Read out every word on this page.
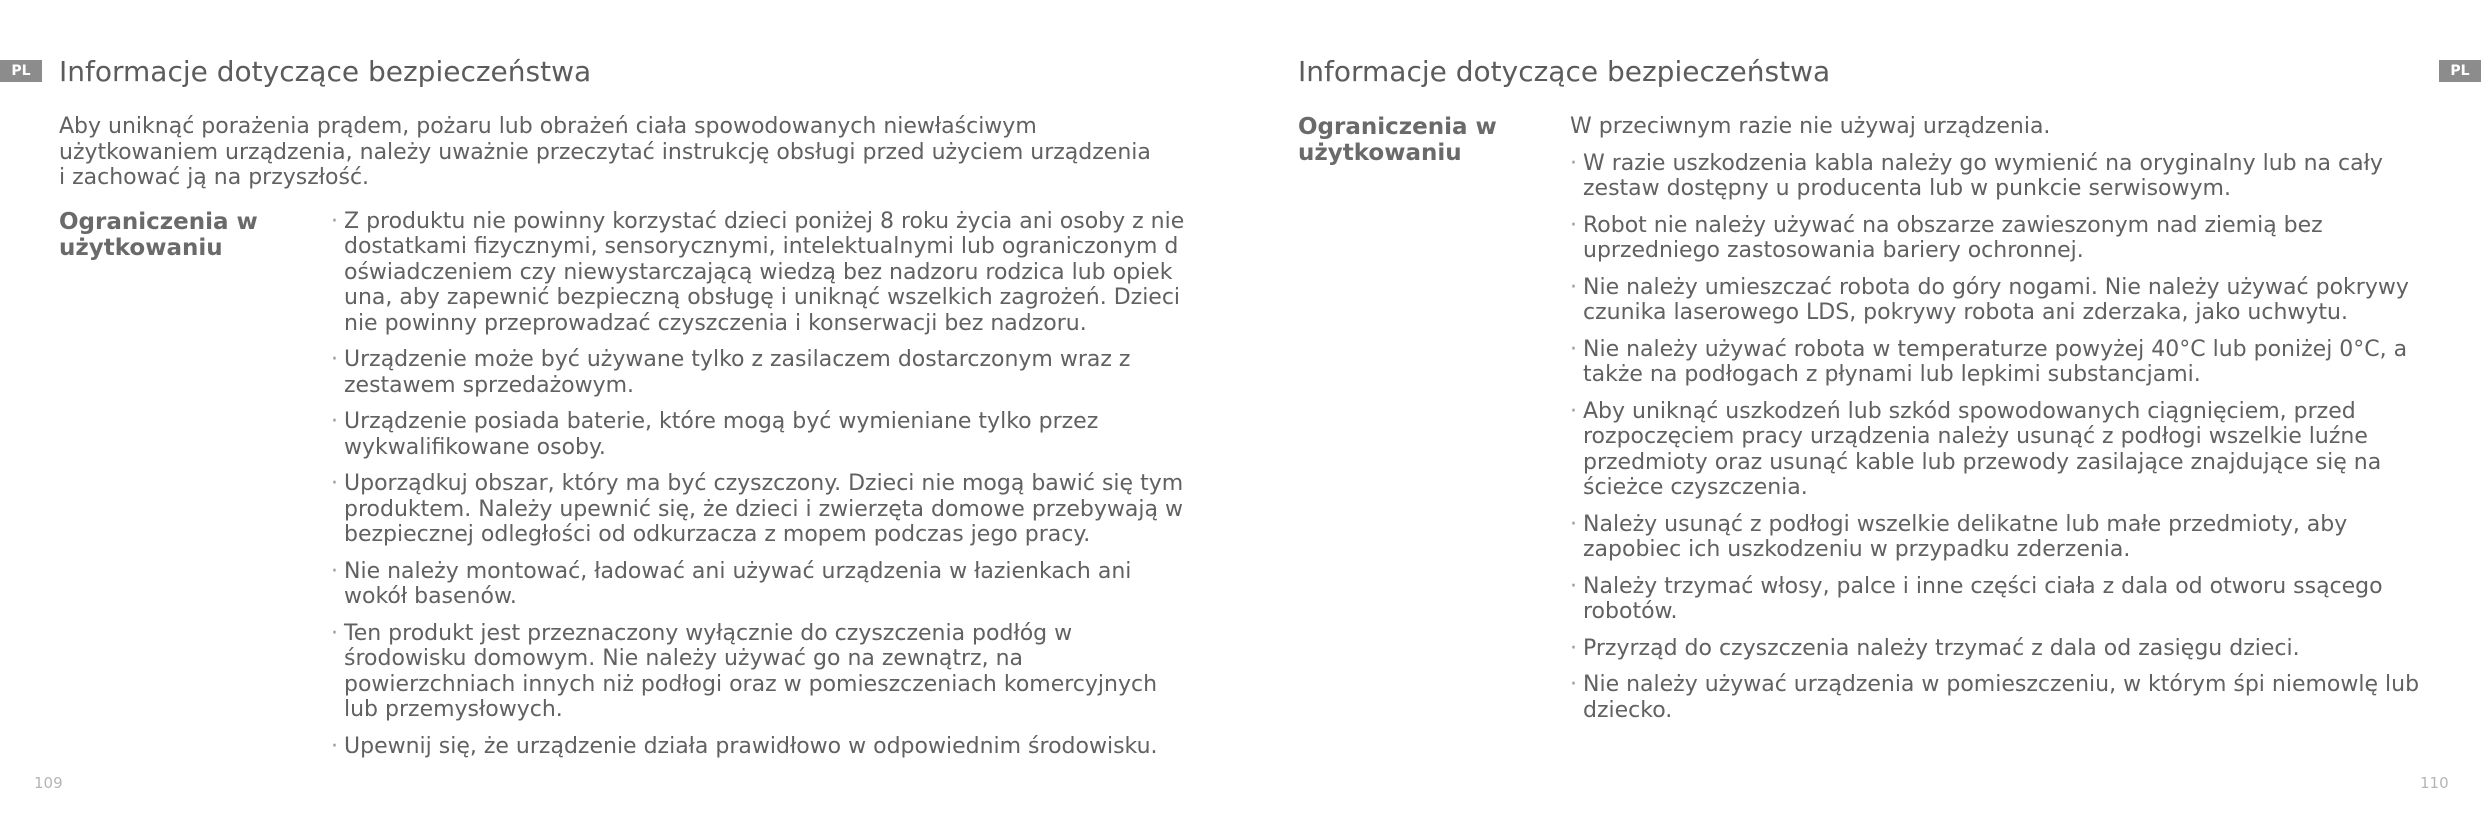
PL	PL
Informacje dotyczące bezpieczeństwa

Aby uniknąć porażenia prądem, pożaru lub obrażeń ciała spowodowanych niewłaściwym użytkowaniem urządzenia, należy uważnie przeczytać instrukcję obsługi przed użyciem urządzenia i zachować ją na przyszłość.

Ograniczenia w użytkowaniu
· Z produktu nie powinny korzystać dzieci poniżej 8 roku życia ani osoby z nie dostatkami fizycznymi, sensorycznymi, intelektualnymi lub ograniczonym d oświadczeniem czy niewystarczającą wiedzą bez nadzoru rodzica lub opiek una, aby zapewnić bezpieczną obsługę i uniknąć wszelkich zagrożeń. Dzieci nie powinny przeprowadzać czyszczenia i konserwacji bez nadzoru.
· Urządzenie może być używane tylko z zasilaczem dostarczonym wraz z zestawem sprzedażowym.
· Urządzenie posiada baterie, które mogą być wymieniane tylko przez wykwalifikowane osoby.
· Uporządkuj obszar, który ma być czyszczony. Dzieci nie mogą bawić się tym produktem. Należy upewnić się, że dzieci i zwierzęta domowe przebywają w bezpiecznej odległości od odkurzacza z mopem podczas jego pracy.
· Nie należy montować, ładować ani używać urządzenia w łazienkach ani wokół basenów.
· Ten produkt jest przeznaczony wyłącznie do czyszczenia podłóg w środowisku domowym. Nie należy używać go na zewnątrz, na powierzchniach innych niż podłogi oraz w pomieszczeniach komercyjnych lub przemysłowych.
· Upewnij się, że urządzenie działa prawidłowo w odpowiednim środowisku.
Informacje dotyczące bezpieczeństwa
Ograniczenia w użytkowaniu
W przeciwnym razie nie używaj urządzenia.
· W razie uszkodzenia kabla należy go wymienić na oryginalny lub na cały zestaw dostępny u producenta lub w punkcie serwisowym.
· Robot nie należy używać na obszarze zawieszonym nad ziemią bez uprzedniego zastosowania bariery ochronnej.
· Nie należy umieszczać robota do góry nogami. Nie należy używać pokrywy czunika laserowego LDS, pokrywy robota ani zderzaka, jako uchwytu.
· Nie należy używać robota w temperaturze powyżej 40°C lub poniżej 0°C, a także na podłogach z płynami lub lepkimi substancjami.
· Aby uniknąć uszkodzeń lub szkód spowodowanych ciągnięciem, przed rozpoczęciem pracy urządzenia należy usunąć z podłogi wszelkie luźne przedmioty oraz usunąć kable lub przewody zasilające znajdujące się na ścieżce czyszczenia.
· Należy usunąć z podłogi wszelkie delikatne lub małe przedmioty, aby zapobiec ich uszkodzeniu w przypadku zderzenia.
· Należy trzymać włosy, palce i inne części ciała z dala od otworu ssącego robotów.
· Przyrząd do czyszczenia należy trzymać z dala od zasięgu dzieci.
· Nie należy używać urządzenia w pomieszczeniu, w którym śpi niemowlę lub dziecko.
109	110
